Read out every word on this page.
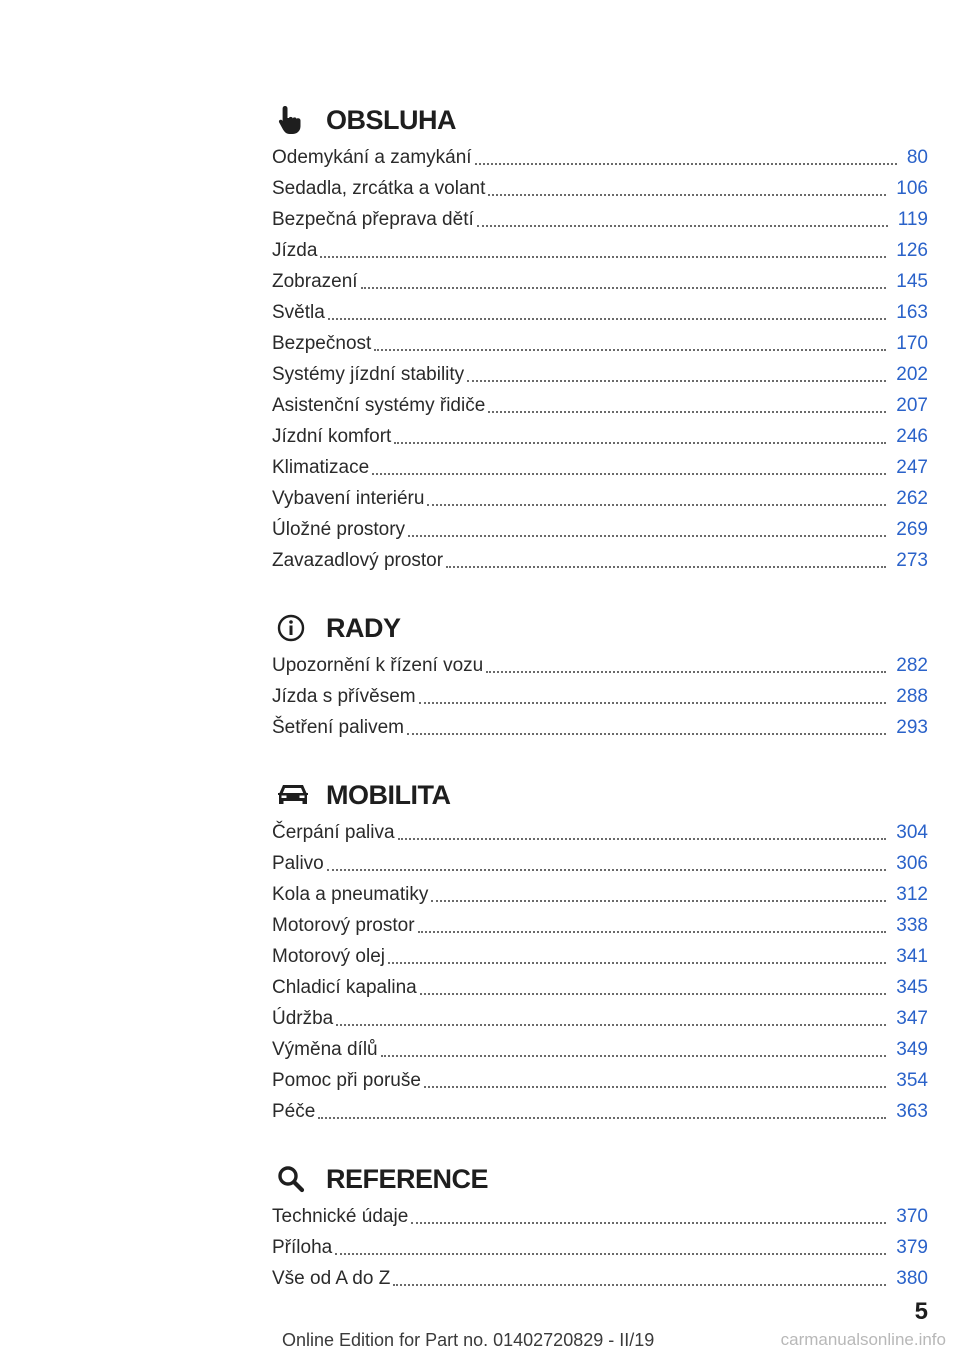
OBSLUHA
Odemykání a zamykání	80
Sedadla, zrcátka a volant	106
Bezpečná přeprava dětí	119
Jízda	126
Zobrazení	145
Světla	163
Bezpečnost	170
Systémy jízdní stability	202
Asistenční systémy řidiče	207
Jízdní komfort	246
Klimatizace	247
Vybavení interiéru	262
Úložné prostory	269
Zavazadlový prostor	273
RADY
Upozornění k řízení vozu	282
Jízda s přívěsem	288
Šetření palivem	293
MOBILITA
Čerpání paliva	304
Palivo	306
Kola a pneumatiky	312
Motorový prostor	338
Motorový olej	341
Chladicí kapalina	345
Údržba	347
Výměna dílů	349
Pomoc při poruše	354
Péče	363
REFERENCE
Technické údaje	370
Příloha	379
Vše od A do Z	380
5
Online Edition for Part no. 01402720829 - II/19	carmanualsonline.info
